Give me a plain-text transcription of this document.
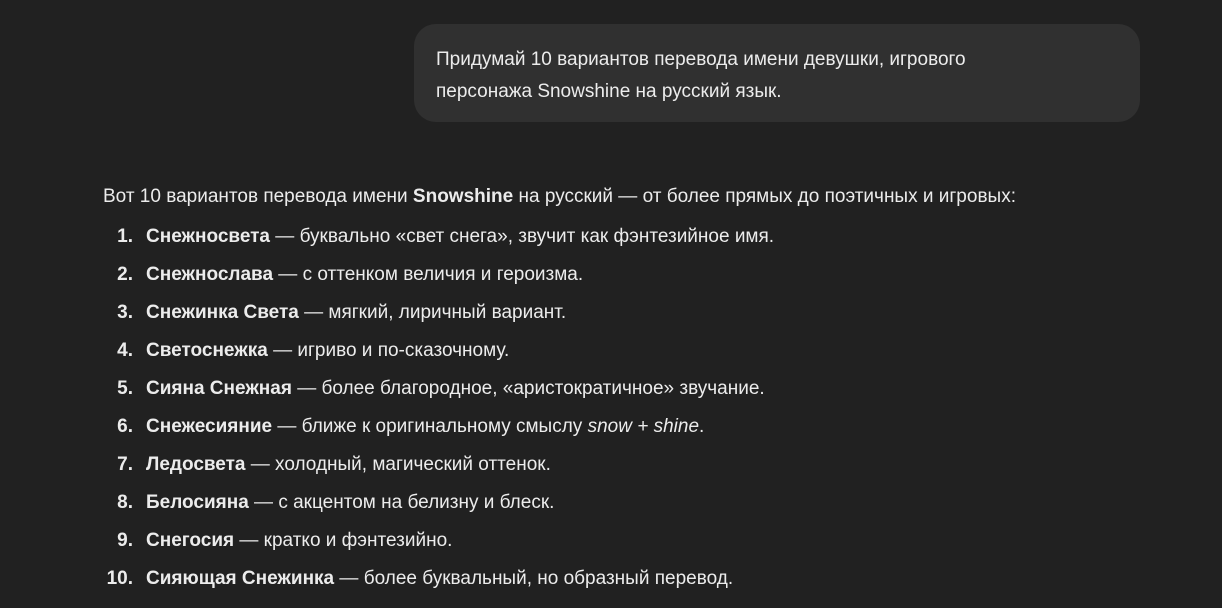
Придумай 10 вариантов перевода имени девушки, игрового
персонажа Snowshine на русский язык.

Вот 10 вариантов перевода имени Snowshine на русский — от более прямых до поэтичных и игровых:

1. Снежносвета — буквально «свет снега», звучит как фэнтезийное имя.
2. Снежнослава — с оттенком величия и героизма.
3. Снежинка Света — мягкий, лиричный вариант.
4. Светоснежка — игриво и по-сказочному.
5. Сияна Снежная — более благородное, «аристократичное» звучание.
6. Снежесияние — ближе к оригинальному смыслу snow + shine.
7. Ледосвета — холодный, магический оттенок.
8. Белосияна — с акцентом на белизну и блеск.
9. Снегосия — кратко и фэнтезийно.
10. Сияющая Снежинка — более буквальный, но образный перевод.
